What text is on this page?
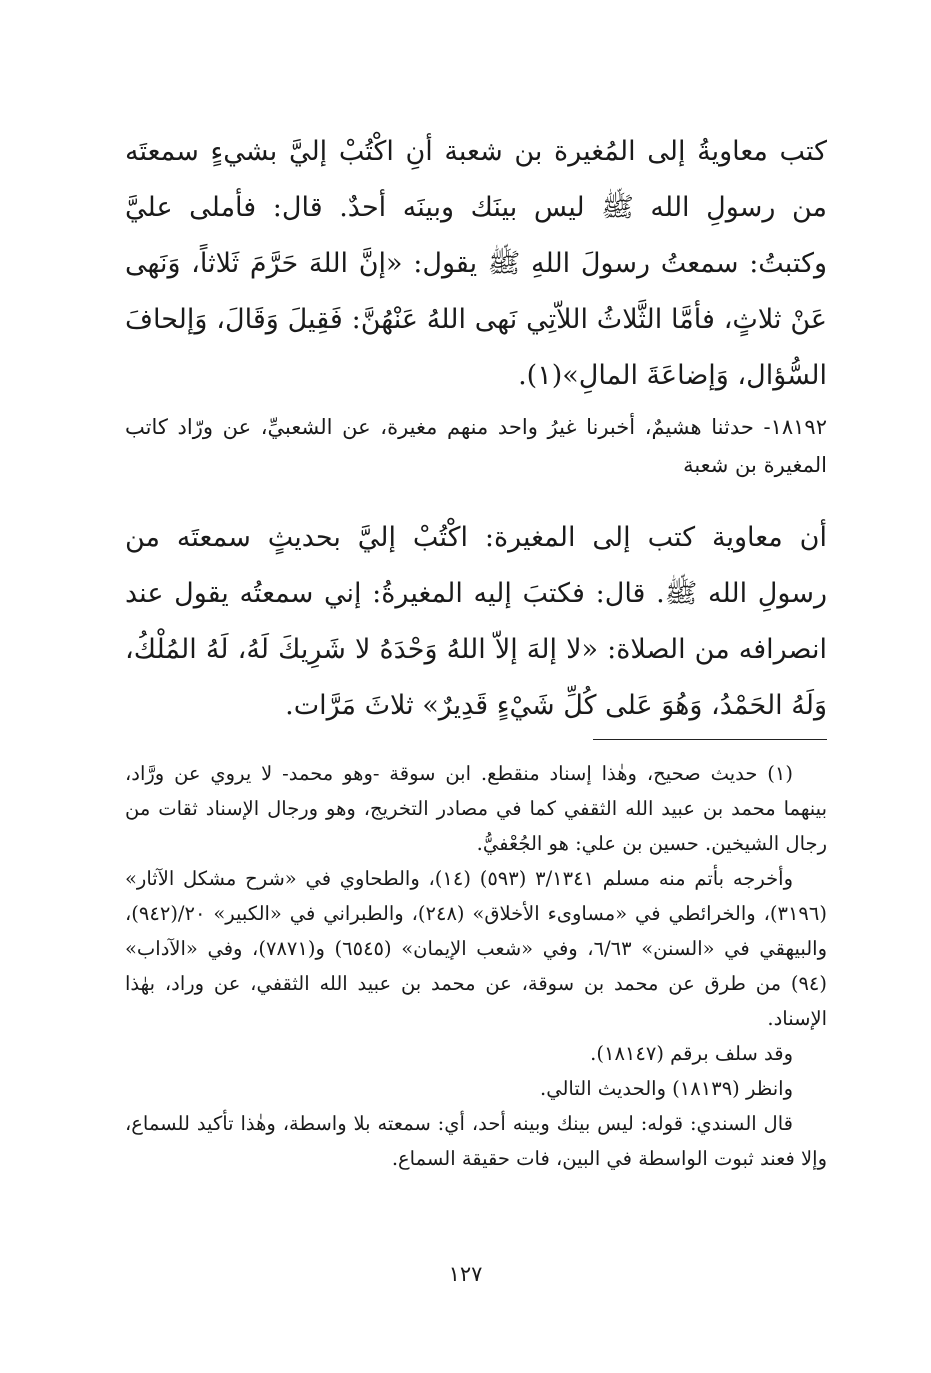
كتب معاويةُ إلى المُغيرة بن شعبة أنِ اكْتُبْ إليَّ بشيءٍ سمعتَه من رسولِ الله ﷺ ليس بينَك وبينَه أحدٌ. قال: فأملى عليَّ وكتبتُ: سمعتُ رسولَ اللهِ ﷺ يقول: «إنَّ اللهَ حَرَّمَ ثَلاثاً، وَنَهى عَنْ ثلاثٍ، فأمَّا الثَّلاثُ اللاّتِي نَهى اللهُ عَنْهُنَّ: فَقِيلَ وَقَالَ، وَإلحافَ السُّؤال، وَإضاعَةَ المالِ»(١).

١٨١٩٢- حدثنا هشيمٌ، أخبرنا غيرُ واحد منهم مغيرة، عن الشعبيِّ، عن ورّاد كاتب المغيرة بن شعبة

أن معاوية كتب إلى المغيرة: اكْتُبْ إليَّ بحديثٍ سمعتَه من رسولِ الله ﷺ. قال: فكتبَ إليه المغيرةُ: إني سمعتُه يقول عند انصرافه من الصلاة: «لا إلهَ إلاّ اللهُ وَحْدَهُ لا شَرِيكَ لَهُ، لَهُ المُلْكُ، وَلَهُ الحَمْدُ، وَهُوَ عَلى كُلِّ شَيْءٍ قَدِيرٌ» ثلاثَ مَرَّات.

(١) حديث صحيح، وهٰذا إسناد منقطع. ابن سوقة -وهو محمد- لا يروي عن ورَّاد، بينهما محمد بن عبيد الله الثقفي كما في مصادر التخريج، وهو ورجال الإسناد ثقات من رجال الشيخين. حسين بن علي: هو الجُعْفيُّ.

وأخرجه بأتم منه مسلم ٣/١٣٤١ (٥٩٣) (١٤)، والطحاوي في «شرح مشكل الآثار» (٣١٩٦)، والخرائطي في «مساوىء الأخلاق» (٢٤٨)، والطبراني في «الكبير» ٢٠/(٩٤٢)، والبيهقي في «السنن» ٦/٦٣، وفي «شعب الإيمان» (٦٥٤٥) و(٧٨٧١)، وفي «الآداب» (٩٤) من طرق عن محمد بن سوقة، عن محمد بن عبيد الله الثقفي، عن وراد، بهٰذا الإسناد.

وقد سلف برقم (١٨١٤٧).

وانظر (١٨١٣٩) والحديث التالي.

قال السندي: قوله: ليس بينك وبينه أحد، أي: سمعته بلا واسطة، وهٰذا تأكيد للسماع، وإلا فعند ثبوت الواسطة في البين، فات حقيقة السماع.

١٢٧
